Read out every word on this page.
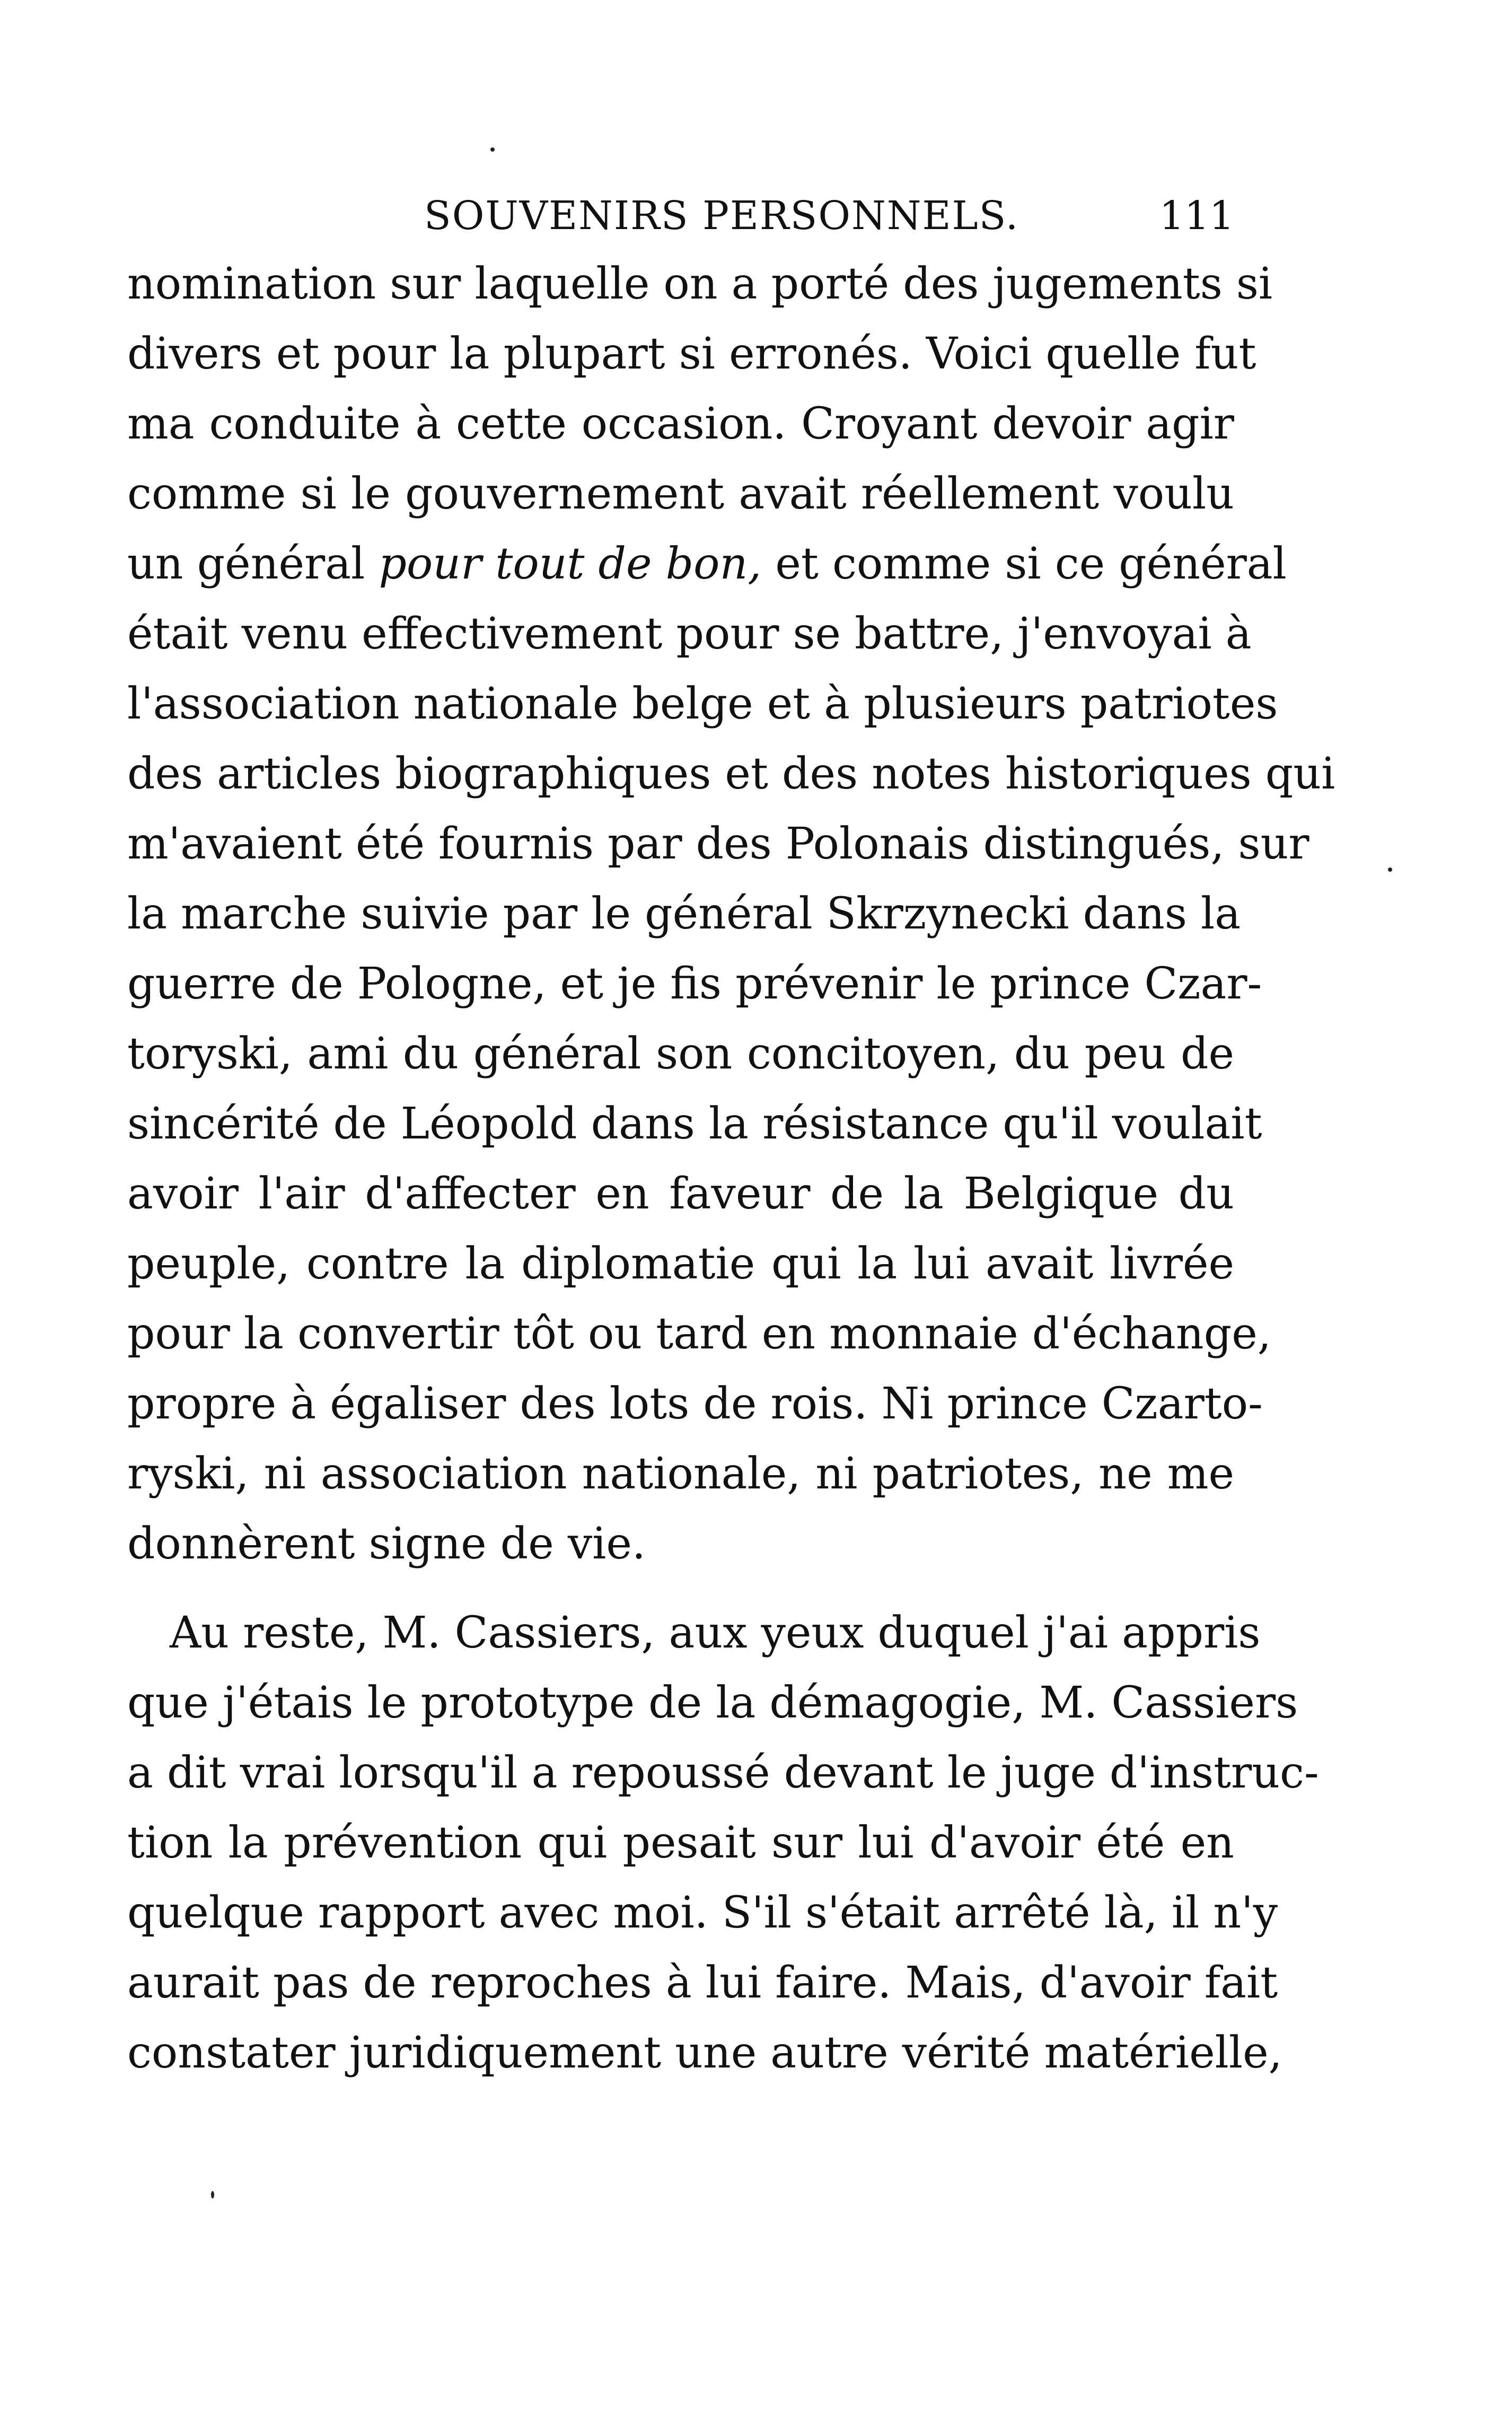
SOUVENIRS PERSONNELS.	111

nomination sur laquelle on a porté des jugements si
divers et pour la plupart si erronés. Voici quelle fut
ma conduite à cette occasion. Croyant devoir agir
comme si le gouvernement avait réellement voulu
un général pour tout de bon, et comme si ce général
était venu effectivement pour se battre, j'envoyai à
l'association nationale belge et à plusieurs patriotes
des articles biographiques et des notes historiques qui
m'avaient été fournis par des Polonais distingués, sur
la marche suivie par le général Skrzynecki dans la
guerre de Pologne, et je fis prévenir le prince Czar-
toryski, ami du général son concitoyen, du peu de
sincérité de Léopold dans la résistance qu'il voulait
avoir l'air d'affecter en faveur de la Belgique du
peuple, contre la diplomatie qui la lui avait livrée
pour la convertir tôt ou tard en monnaie d'échange,
propre à égaliser des lots de rois. Ni prince Czarto-
ryski, ni association nationale, ni patriotes, ne me
donnèrent signe de vie.

Au reste, M. Cassiers, aux yeux duquel j'ai appris
que j'étais le prototype de la démagogie, M. Cassiers
a dit vrai lorsqu'il a repoussé devant le juge d'instruc-
tion la prévention qui pesait sur lui d'avoir été en
quelque rapport avec moi. S'il s'était arrêté là, il n'y
aurait pas de reproches à lui faire. Mais, d'avoir fait
constater juridiquement une autre vérité matérielle,
